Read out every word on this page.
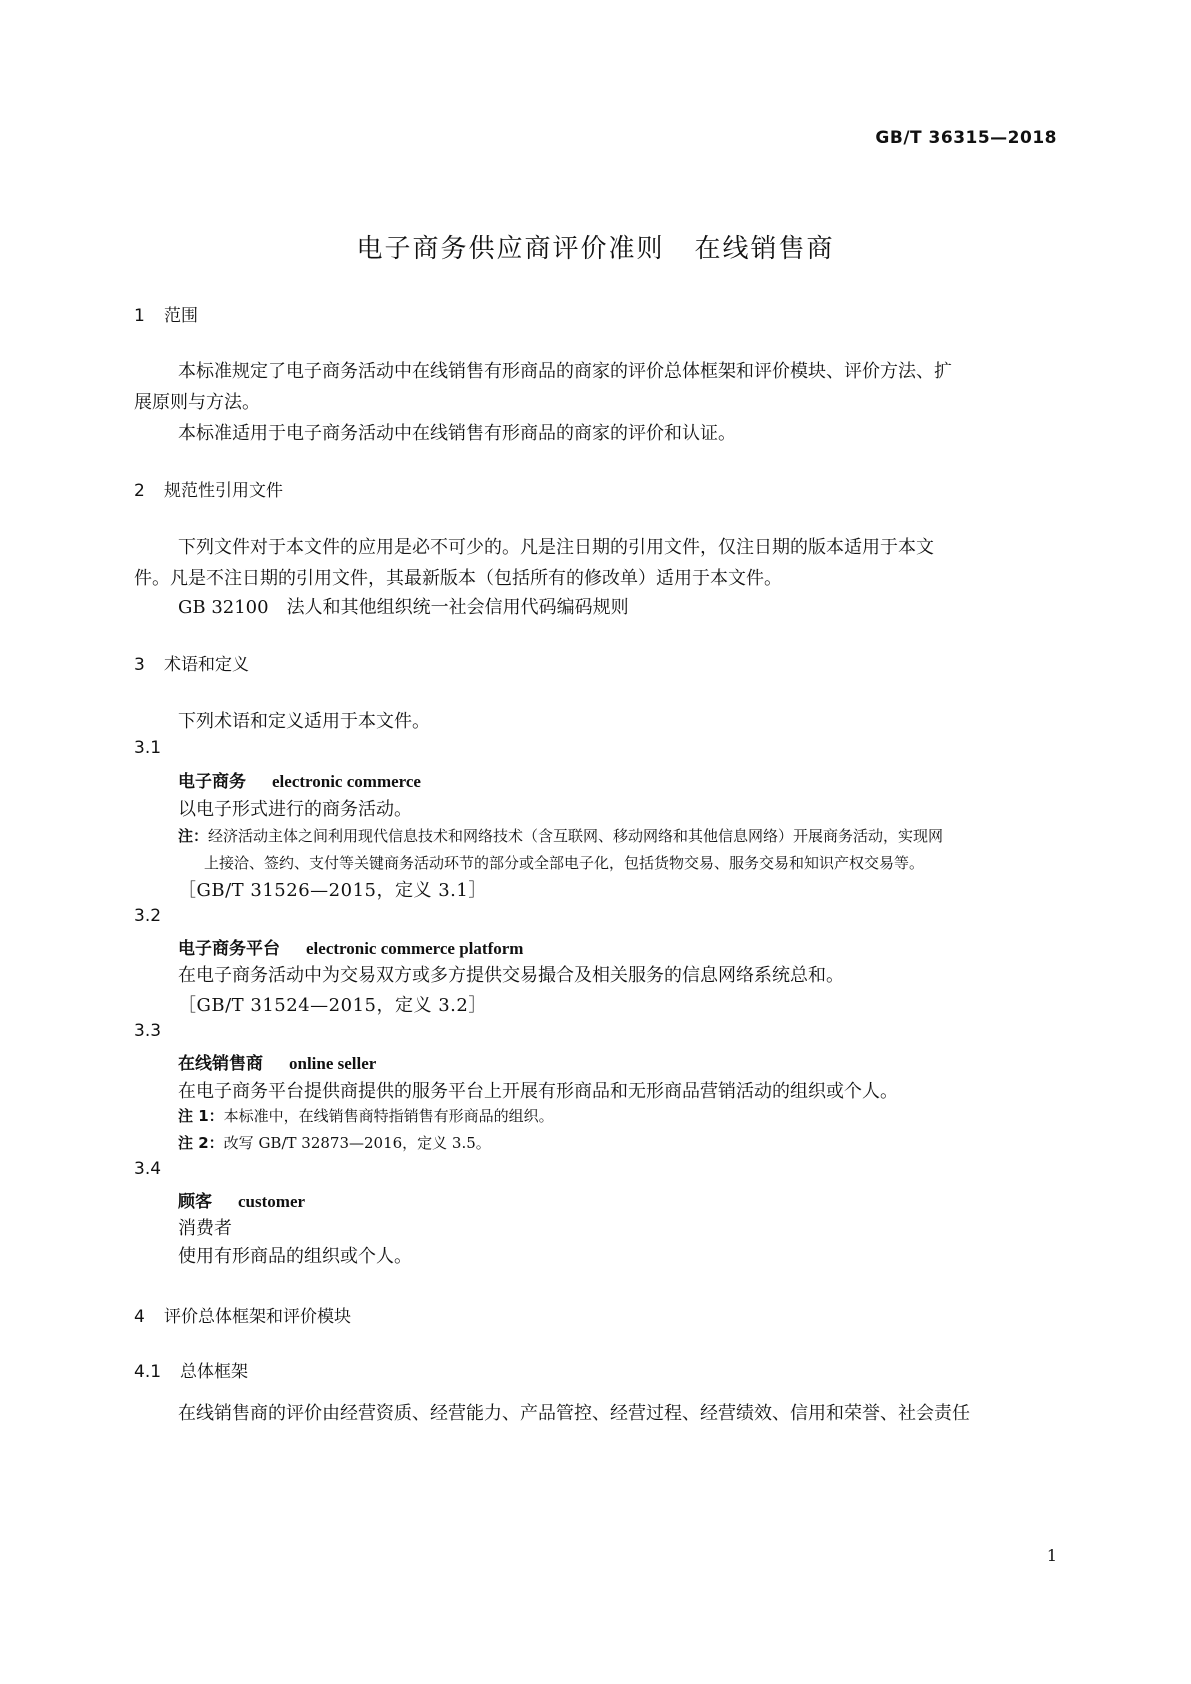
GB/T 36315—2018
电子商务供应商评价准则 在线销售商
1 范围
本标准规定了电子商务活动中在线销售有形商品的商家的评价总体框架和评价模块、评价方法、扩
展原则与方法。
本标准适用于电子商务活动中在线销售有形商品的商家的评价和认证。
2 规范性引用文件
下列文件对于本文件的应用是必不可少的。凡是注日期的引用文件，仅注日期的版本适用于本文
件。凡是不注日期的引用文件，其最新版本（包括所有的修改单）适用于本文件。
GB 32100　法人和其他组织统一社会信用代码编码规则
3 术语和定义
下列术语和定义适用于本文件。
3.1
电子商务 electronic commerce
以电子形式进行的商务活动。
注：经济活动主体之间利用现代信息技术和网络技术（含互联网、移动网络和其他信息网络）开展商务活动，实现网
上接洽、签约、支付等关键商务活动环节的部分或全部电子化，包括货物交易、服务交易和知识产权交易等。
［GB/T 31526—2015，定义 3.1］
3.2
电子商务平台 electronic commerce platform
在电子商务活动中为交易双方或多方提供交易撮合及相关服务的信息网络系统总和。
［GB/T 31524—2015，定义 3.2］
3.3
在线销售商 online seller
在电子商务平台提供商提供的服务平台上开展有形商品和无形商品营销活动的组织或个人。
注 1：本标准中，在线销售商特指销售有形商品的组织。
注 2：改写 GB/T 32873—2016，定义 3.5。
3.4
顾客 customer
消费者
使用有形商品的组织或个人。
4 评价总体框架和评价模块
4.1 总体框架
在线销售商的评价由经营资质、经营能力、产品管控、经营过程、经营绩效、信用和荣誉、社会责任
1
